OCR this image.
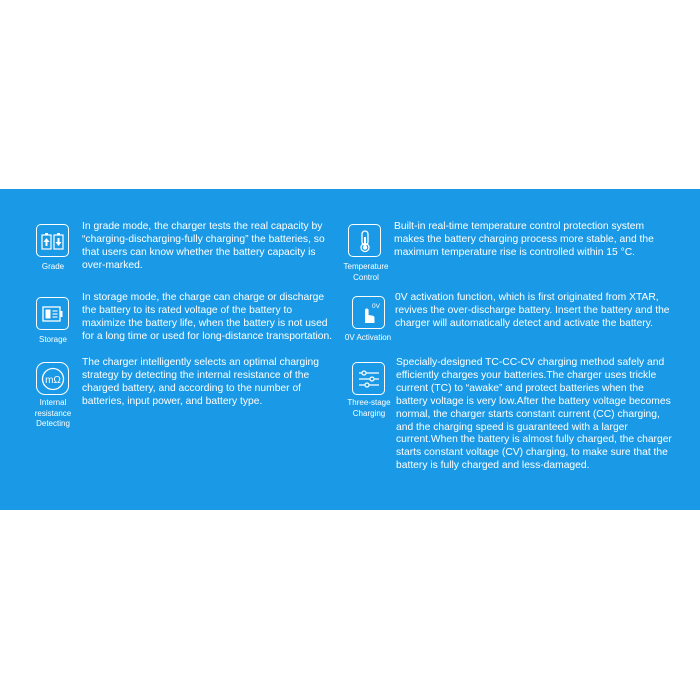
Grade
In grade mode, the charger tests the real capacity by “charging-discharging-fully charging” the batteries, so that users can know whether the battery capacity is over-marked.	Temperature Control
Built-in real-time temperature control protection system makes the battery charging process more stable, and the maximum temperature rise is controlled within 15 °C.
Storage
In storage mode, the charge can charge or discharge the battery to its rated voltage of the battery to maximize the battery life, when the battery is not used for a long time or used for long-distance transportation.
0V
0V Activation
0V activation function, which is first originated from XTAR, revives the over-discharge battery. Insert the battery and the charger will automatically detect and activate the battery.
mΩ
Internal resistance Detecting
The charger intelligently selects an optimal charging strategy by detecting the internal resistance of the charged battery, and according to the number of batteries, input power, and battery type.	Three-stage Charging
Specially-designed TC-CC-CV charging method safely and efficiently charges your batteries.The charger uses trickle current (TC) to “awake” and protect batteries when the battery voltage is very low.After the battery voltage becomes normal, the charger starts constant current (CC) charging, and the charging speed is guaranteed with a larger current.When the battery is almost fully charged, the charger starts constant voltage (CV) charging, to make sure that the battery is fully charged and less-damaged.
